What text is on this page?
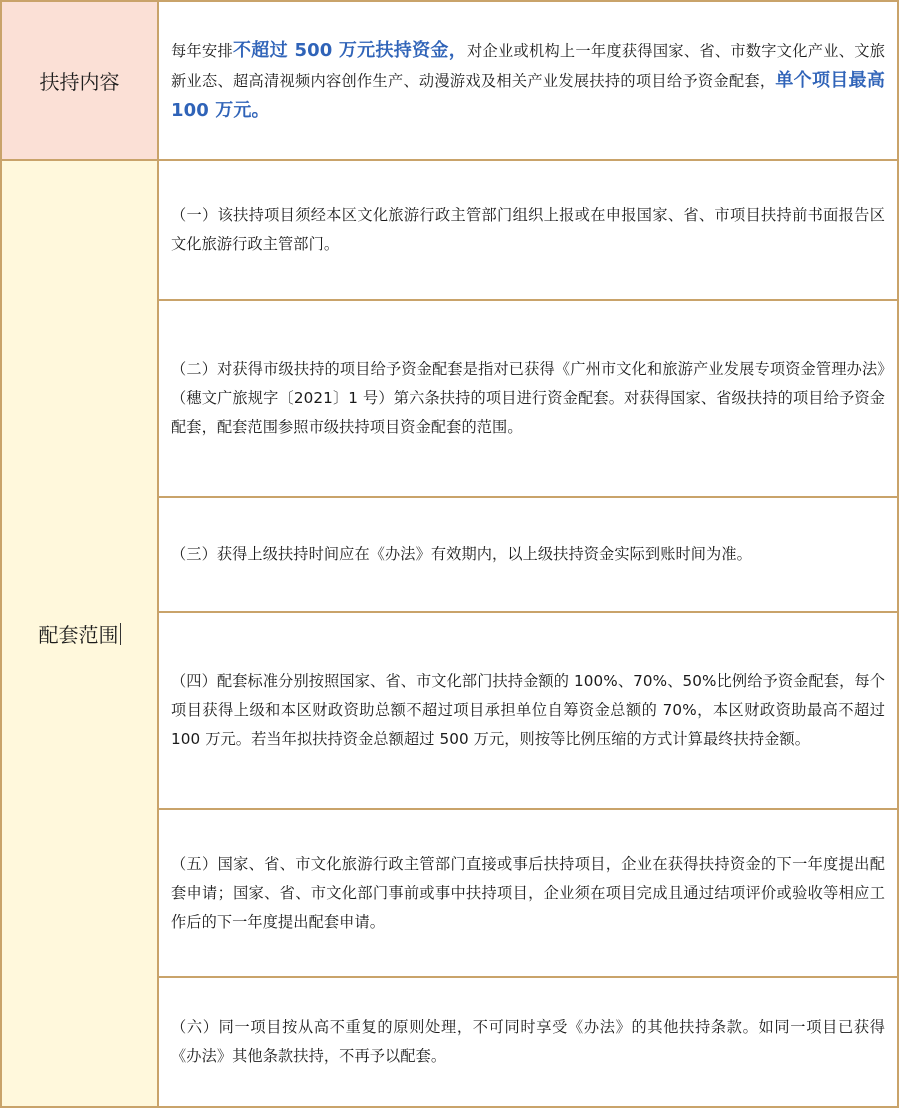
扶持内容
每年安排不超过 500 万元扶持资金，对企业或机构上一年度获得国家、省、市数字文化产业、文旅新业态、超高清视频内容创作生产、动漫游戏及相关产业发展扶持的项目给予资金配套，单个项目最高 100 万元。
配套范围
（一）该扶持项目须经本区文化旅游行政主管部门组织上报或在申报国家、省、市项目扶持前书面报告区文化旅游行政主管部门。
（二）对获得市级扶持的项目给予资金配套是指对已获得《广州市文化和旅游产业发展专项资金管理办法》（穗文广旅规字〔2021〕1 号）第六条扶持的项目进行资金配套。对获得国家、省级扶持的项目给予资金配套，配套范围参照市级扶持项目资金配套的范围。
（三）获得上级扶持时间应在《办法》有效期内，以上级扶持资金实际到账时间为准。
（四）配套标准分别按照国家、省、市文化部门扶持金额的 100%、70%、50%比例给予资金配套，每个项目获得上级和本区财政资助总额不超过项目承担单位自筹资金总额的 70%，本区财政资助最高不超过 100 万元。若当年拟扶持资金总额超过 500 万元，则按等比例压缩的方式计算最终扶持金额。
（五）国家、省、市文化旅游行政主管部门直接或事后扶持项目，企业在获得扶持资金的下一年度提出配套申请；国家、省、市文化部门事前或事中扶持项目，企业须在项目完成且通过结项评价或验收等相应工作后的下一年度提出配套申请。
（六）同一项目按从高不重复的原则处理，不可同时享受《办法》的其他扶持条款。如同一项目已获得《办法》其他条款扶持，不再予以配套。
